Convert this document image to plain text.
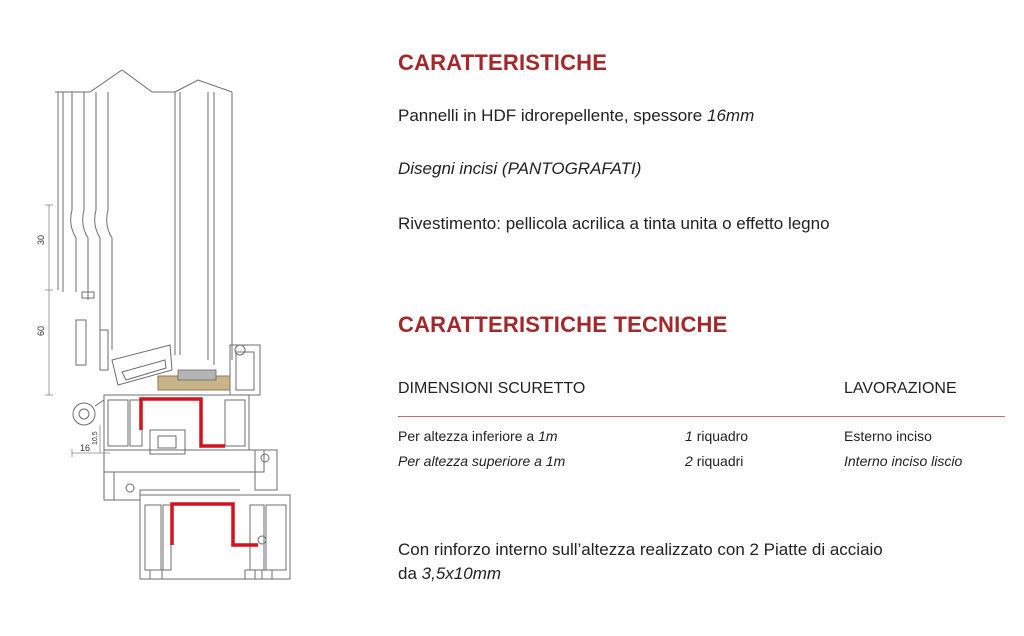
30
60
10,5
16
CARATTERISTICHE

Pannelli in HDF idrorepellente, spessore 16mm

Disegni incisi (PANTOGRAFATI)

Rivestimento: pellicola acrilica a tinta unita o effetto legno

CARATTERISTICHE TECNICHE
DIMENSIONI SCURETTO	LAVORAZIONE
Per altezza inferiore a 1m	1 riquadro	Esterno inciso
Per altezza superiore a 1m	2 riquadri	Interno inciso liscio

Con rinforzo interno sull’altezza realizzato con 2 Piatte di acciaio

da 3,5x10mm
